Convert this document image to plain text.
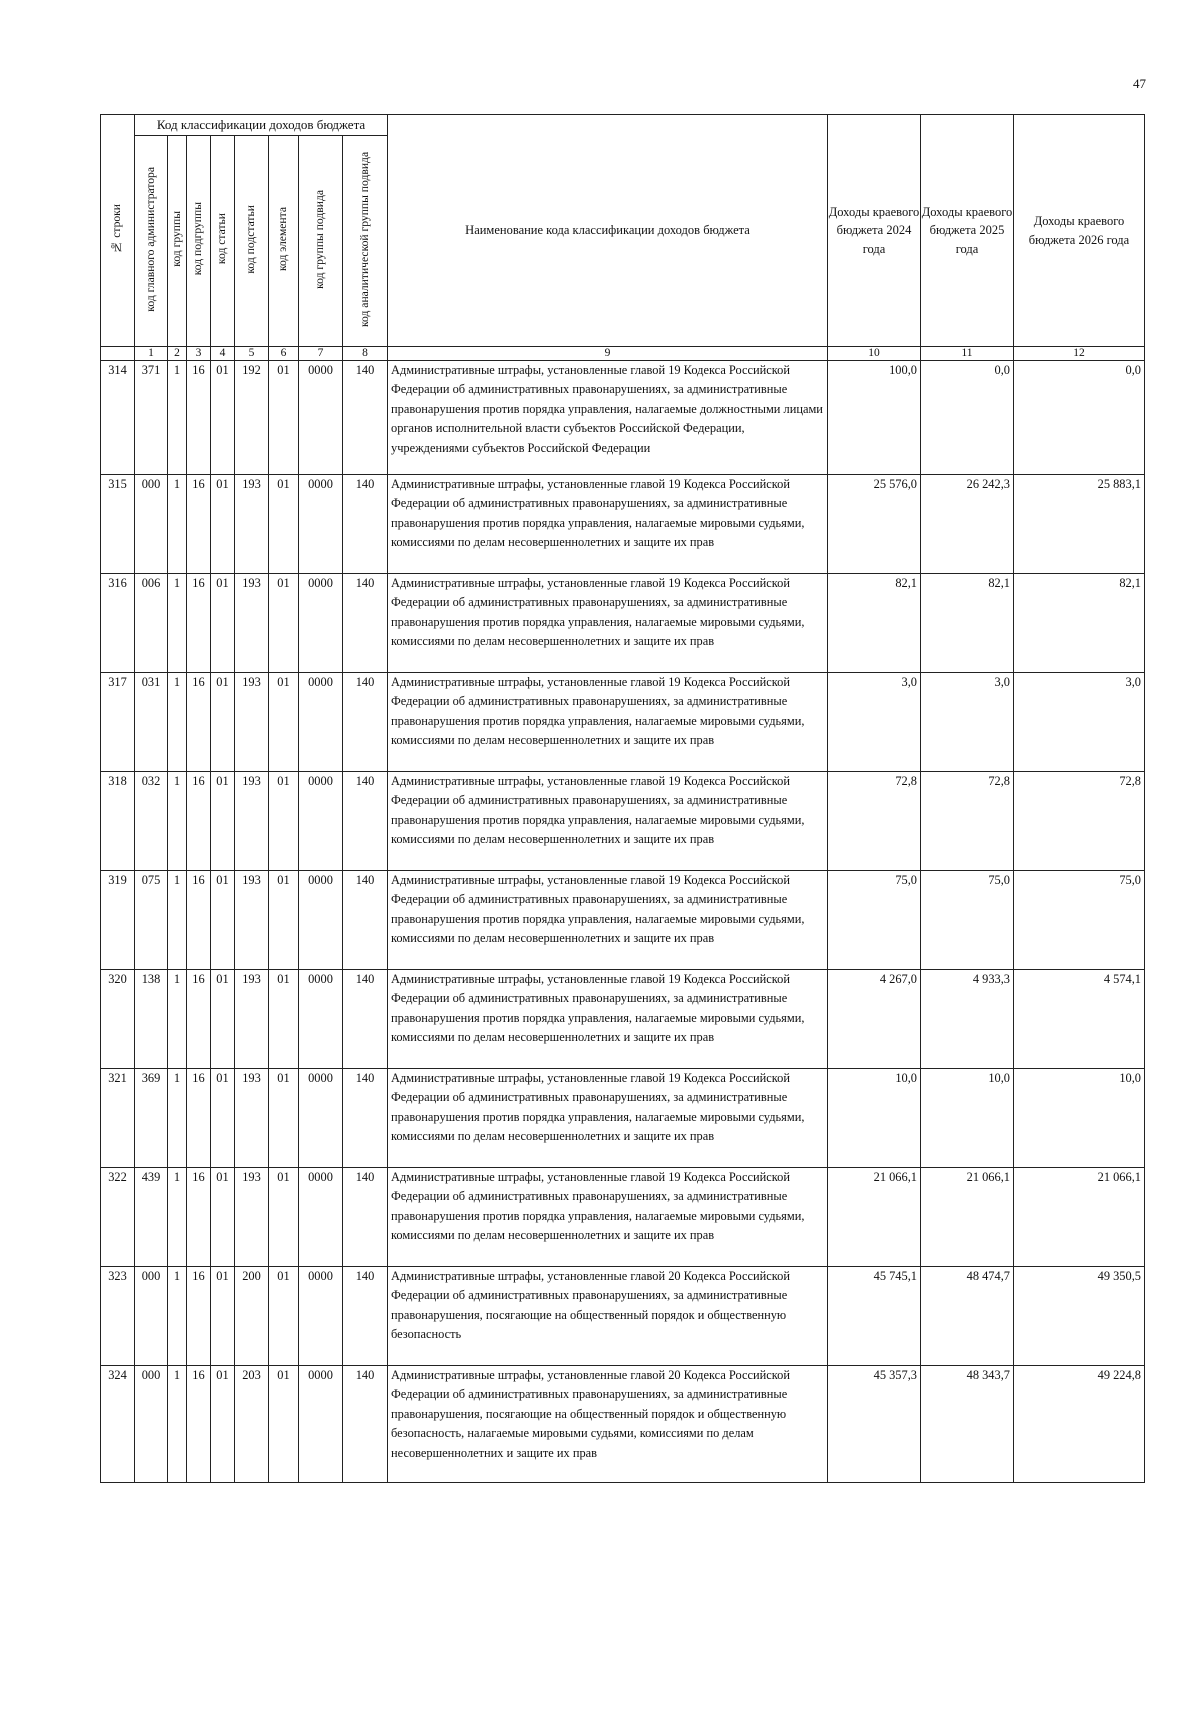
47
№ строки	Код классификации доходов бюджета								Наименование кода классификации доходов бюджета	Доходы краевого бюджета 2024 года	Доходы краевого бюджета 2025 года	Доходы краевого бюджета 2026 года
	код главного администратора	код группы	код подгруппы	код статьи	код подстатьи	код элемента	код группы подвида	код аналитической группы подвида				
	1	2	3	4	5	6	7	8	9	10	11	12
314	371	1	16	01	192	01	0000	140	Административные штрафы, установленные главой 19 Кодекса Российской Федерации об административных правонарушениях, за административные правонарушения против порядка управления, налагаемые должностными лицами органов исполнительной власти субъектов Российской Федерации, учреждениями субъектов Российской Федерации	100,0	0,0	0,0
315	000	1	16	01	193	01	0000	140	Административные штрафы, установленные главой 19 Кодекса Российской Федерации об административных правонарушениях, за административные правонарушения против порядка управления, налагаемые мировыми судьями, комиссиями по делам несовершеннолетних и защите их прав	25 576,0	26 242,3	25 883,1
316	006	1	16	01	193	01	0000	140	Административные штрафы, установленные главой 19 Кодекса Российской Федерации об административных правонарушениях, за административные правонарушения против порядка управления, налагаемые мировыми судьями, комиссиями по делам несовершеннолетних и защите их прав	82,1	82,1	82,1
317	031	1	16	01	193	01	0000	140	Административные штрафы, установленные главой 19 Кодекса Российской Федерации об административных правонарушениях, за административные правонарушения против порядка управления, налагаемые мировыми судьями, комиссиями по делам несовершеннолетних и защите их прав	3,0	3,0	3,0
318	032	1	16	01	193	01	0000	140	Административные штрафы, установленные главой 19 Кодекса Российской Федерации об административных правонарушениях, за административные правонарушения против порядка управления, налагаемые мировыми судьями, комиссиями по делам несовершеннолетних и защите их прав	72,8	72,8	72,8
319	075	1	16	01	193	01	0000	140	Административные штрафы, установленные главой 19 Кодекса Российской Федерации об административных правонарушениях, за административные правонарушения против порядка управления, налагаемые мировыми судьями, комиссиями по делам несовершеннолетних и защите их прав	75,0	75,0	75,0
320	138	1	16	01	193	01	0000	140	Административные штрафы, установленные главой 19 Кодекса Российской Федерации об административных правонарушениях, за административные правонарушения против порядка управления, налагаемые мировыми судьями, комиссиями по делам несовершеннолетних и защите их прав	4 267,0	4 933,3	4 574,1
321	369	1	16	01	193	01	0000	140	Административные штрафы, установленные главой 19 Кодекса Российской Федерации об административных правонарушениях, за административные правонарушения против порядка управления, налагаемые мировыми судьями, комиссиями по делам несовершеннолетних и защите их прав	10,0	10,0	10,0
322	439	1	16	01	193	01	0000	140	Административные штрафы, установленные главой 19 Кодекса Российской Федерации об административных правонарушениях, за административные правонарушения против порядка управления, налагаемые мировыми судьями, комиссиями по делам несовершеннолетних и защите их прав	21 066,1	21 066,1	21 066,1
323	000	1	16	01	200	01	0000	140	Административные штрафы, установленные главой 20 Кодекса Российской Федерации об административных правонарушениях, за административные правонарушения, посягающие на общественный порядок и общественную безопасность	45 745,1	48 474,7	49 350,5
324	000	1	16	01	203	01	0000	140	Административные штрафы, установленные главой 20 Кодекса Российской Федерации об административных правонарушениях, за административные правонарушения, посягающие на общественный порядок и общественную безопасность, налагаемые мировыми судьями, комиссиями по делам несовершеннолетних и защите их прав	45 357,3	48 343,7	49 224,8
